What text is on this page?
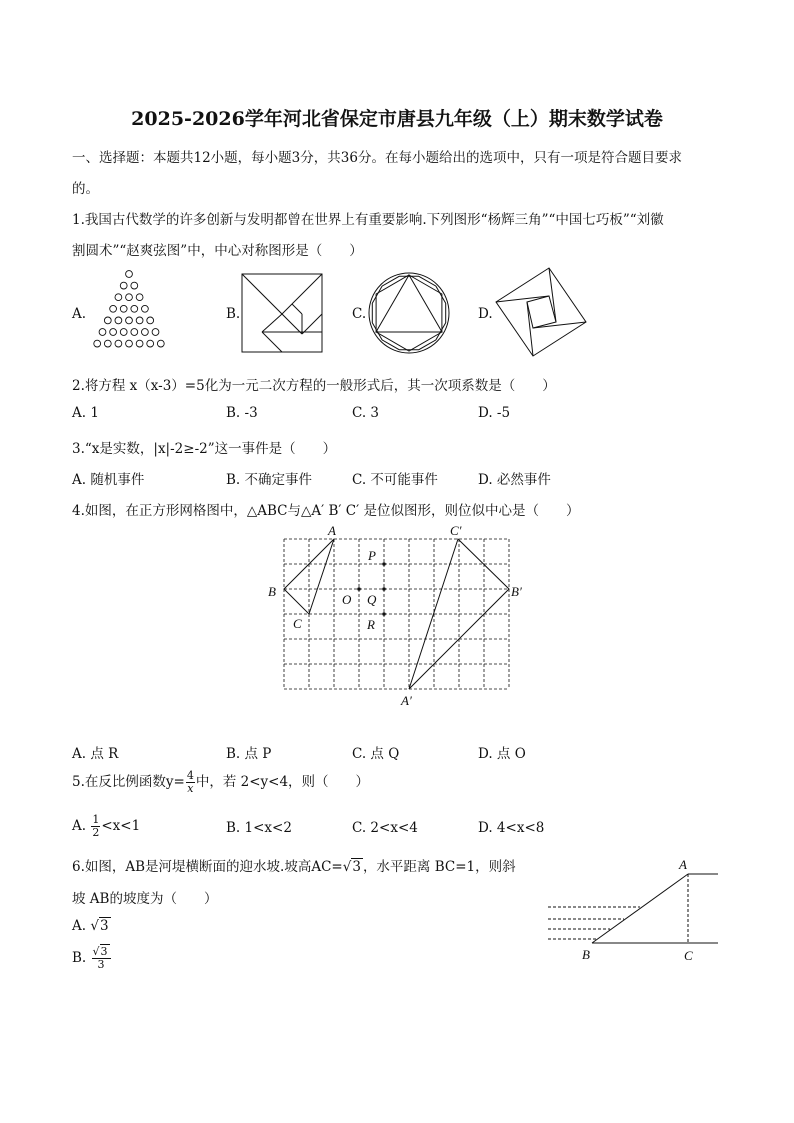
2025-2026学年河北省保定市唐县九年级（上）期末数学试卷
一、选择题：本题共12小题，每小题3分，共36分。在每小题给出的选项中，只有一项是符合题目要求
的。
1.我国古代数学的许多创新与发明都曾在世界上有重要影响.下列图形“杨辉三角”“中国七巧板”“刘徽
割圆术”“赵爽弦图”中，中心对称图形是（　　）
A.	B.	C.	D.
2.将方程 x（x-3）=5化为一元二次方程的一般形式后，其一次项系数是（　　）
A. 1	B. -3	C. 3	D. -5
3.“x是实数，|x|-2≥-2”这一事件是（　　）
A. 随机事件	B. 不确定事件	C. 不可能事件	D. 必然事件
4.如图，在正方形网格图中，△ABC与△A′ B′ C′ 是位似图形，则位似中心是（　　）
A
B
C
C′
B′
A′
P
O Q
R
A. 点 R	B. 点 P	C. 点 Q	D. 点 O
5.在反比例函数$y= \frac{4}{x}$ 中，若 2<y<4，则（　　）
A. $\frac{1}{2} <x<1$	B. 1<x<2	C. 2<x<4	D. 4<x<8
6.如图，AB是河堤横断面的迎水坡.坡高AC=√3 ，水平距离 BC=1，则斜
坡 AB的坡度为（　　）
A. √3
B. $\frac{√3}{3}$
A
B	C
